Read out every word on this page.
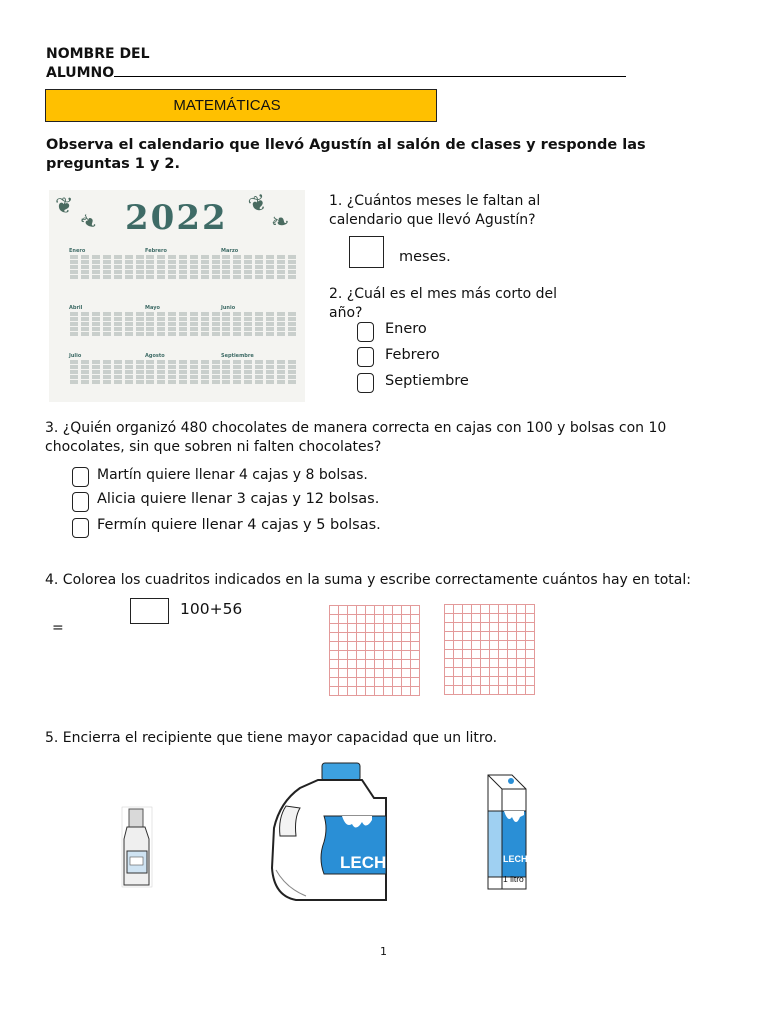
NOMBRE DEL
ALUMNO
MATEMÁTICAS
Observa el calendario que llevó Agustín al salón de clases y responde las preguntas 1 y 2.
❦
❧
❦
❧
2022
Enero	Febrero	Marzo
Abril	Mayo	Junio
Julio	Agosto	Septiembre
1. ¿Cuántos meses le faltan al calendario que llevó Agustín?
meses.
2. ¿Cuál es el mes más corto del año?
Enero
Febrero
Septiembre
3. ¿Quién organizó 480 chocolates de manera correcta en cajas con 100 y bolsas con 10 chocolates, sin que sobren ni falten chocolates?
Martín quiere llenar 4 cajas y 8 bolsas.
Alicia quiere llenar 3 cajas y 12 bolsas.
Fermín quiere llenar 4 cajas y 5 bolsas.
4. Colorea los cuadritos indicados en la suma y escribe correctamente cuántos hay en total:
100+56
=
5. Encierra el recipiente que tiene mayor capacidad que un litro.
LECHE	LECHE
1 litro
1
